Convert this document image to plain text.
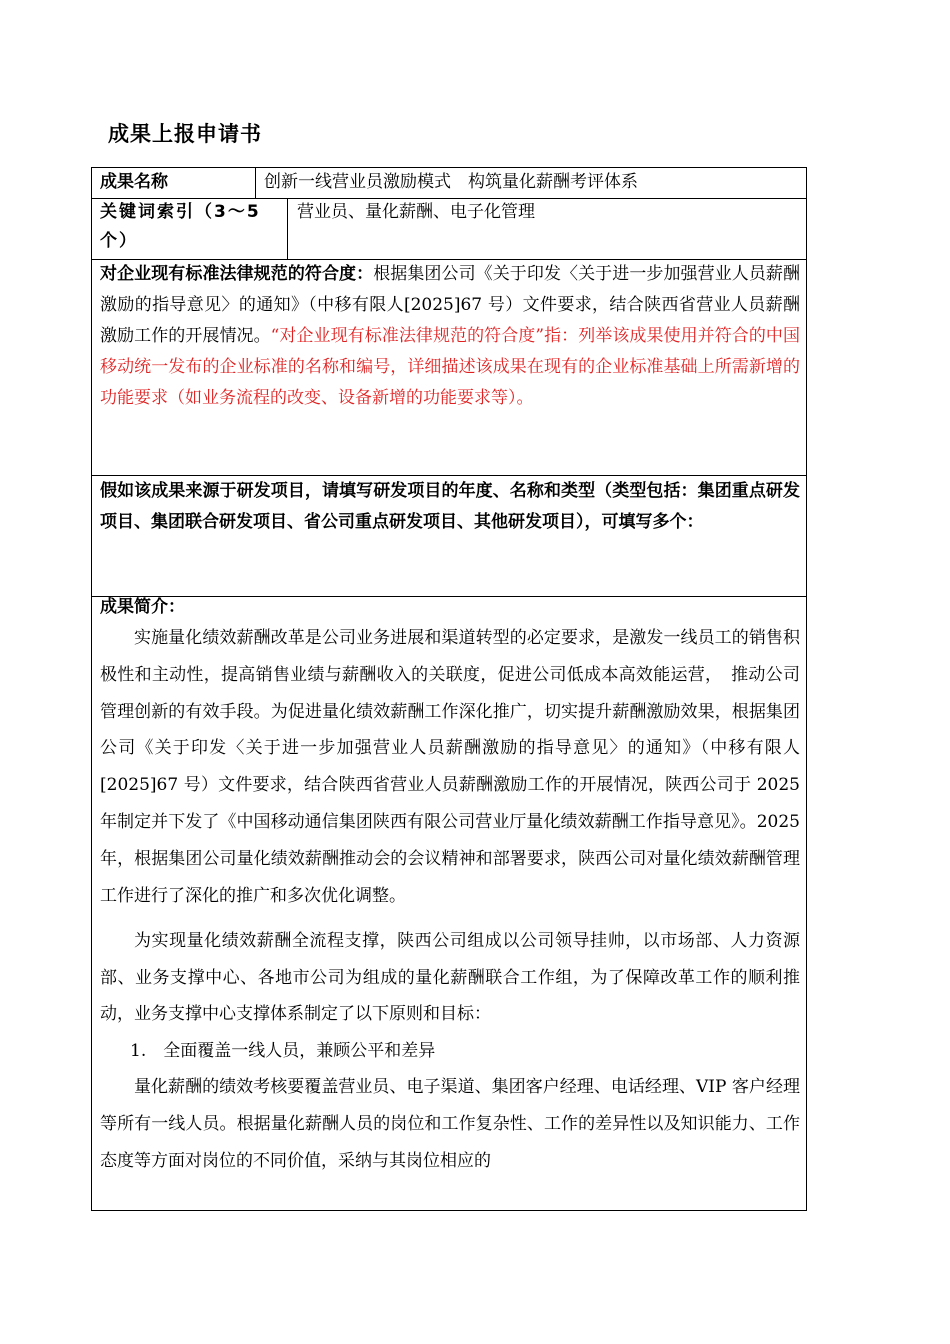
成果上报申请书
成果名称	创新一线营业员激励模式　构筑量化薪酬考评体系
关键词索引（3～5个）
营业员、量化薪酬、电子化管理
对企业现有标准法律规范的符合度：根据集团公司《关于印发〈关于进一步加强营业人员薪酬激励的指导意见〉的通知》（中移有限人[2025]67 号）文件要求，结合陕西省营业人员薪酬激励工作的开展情况。“对企业现有标准法律规范的符合度”指：列举该成果使用并符合的中国移动统一发布的企业标准的名称和编号，详细描述该成果在现有的企业标准基础上所需新增的功能要求（如业务流程的改变、设备新增的功能要求等）。
假如该成果来源于研发项目，请填写研发项目的年度、名称和类型（类型包括：集团重点研发项目、集团联合研发项目、省公司重点研发项目、其他研发项目），可填写多个：

成果简介：

实施量化绩效薪酬改革是公司业务进展和渠道转型的必定要求，是激发一线员工的销售积极性和主动性，提高销售业绩与薪酬收入的关联度，促进公司低成本高效能运营，　推动公司管理创新的有效手段。为促进量化绩效薪酬工作深化推广，切实提升薪酬激励效果，根据集团公司《关于印发〈关于进一步加强营业人员薪酬激励的指导意见〉的通知》（中移有限人[2025]67 号）文件要求，结合陕西省营业人员薪酬激励工作的开展情况，陕西公司于 2025 年制定并下发了《中国移动通信集团陕西有限公司营业厅量化绩效薪酬工作指导意见》。2025年，根据集团公司量化绩效薪酬推动会的会议精神和部署要求，陕西公司对量化绩效薪酬管理工作进行了深化的推广和多次优化调整。

为实现量化绩效薪酬全流程支撑，陕西公司组成以公司领导挂帅，以市场部、人力资源部、业务支撑中心、各地市公司为组成的量化薪酬联合工作组，为了保障改革工作的顺利推动，业务支撑中心支撑体系制定了以下原则和目标：

1.　全面覆盖一线人员，兼顾公平和差异

量化薪酬的绩效考核要覆盖营业员、电子渠道、集团客户经理、电话经理、VIP 客户经理等所有一线人员。根据量化薪酬人员的岗位和工作复杂性、工作的差异性以及知识能力、工作态度等方面对岗位的不同价值，采纳与其岗位相应的
